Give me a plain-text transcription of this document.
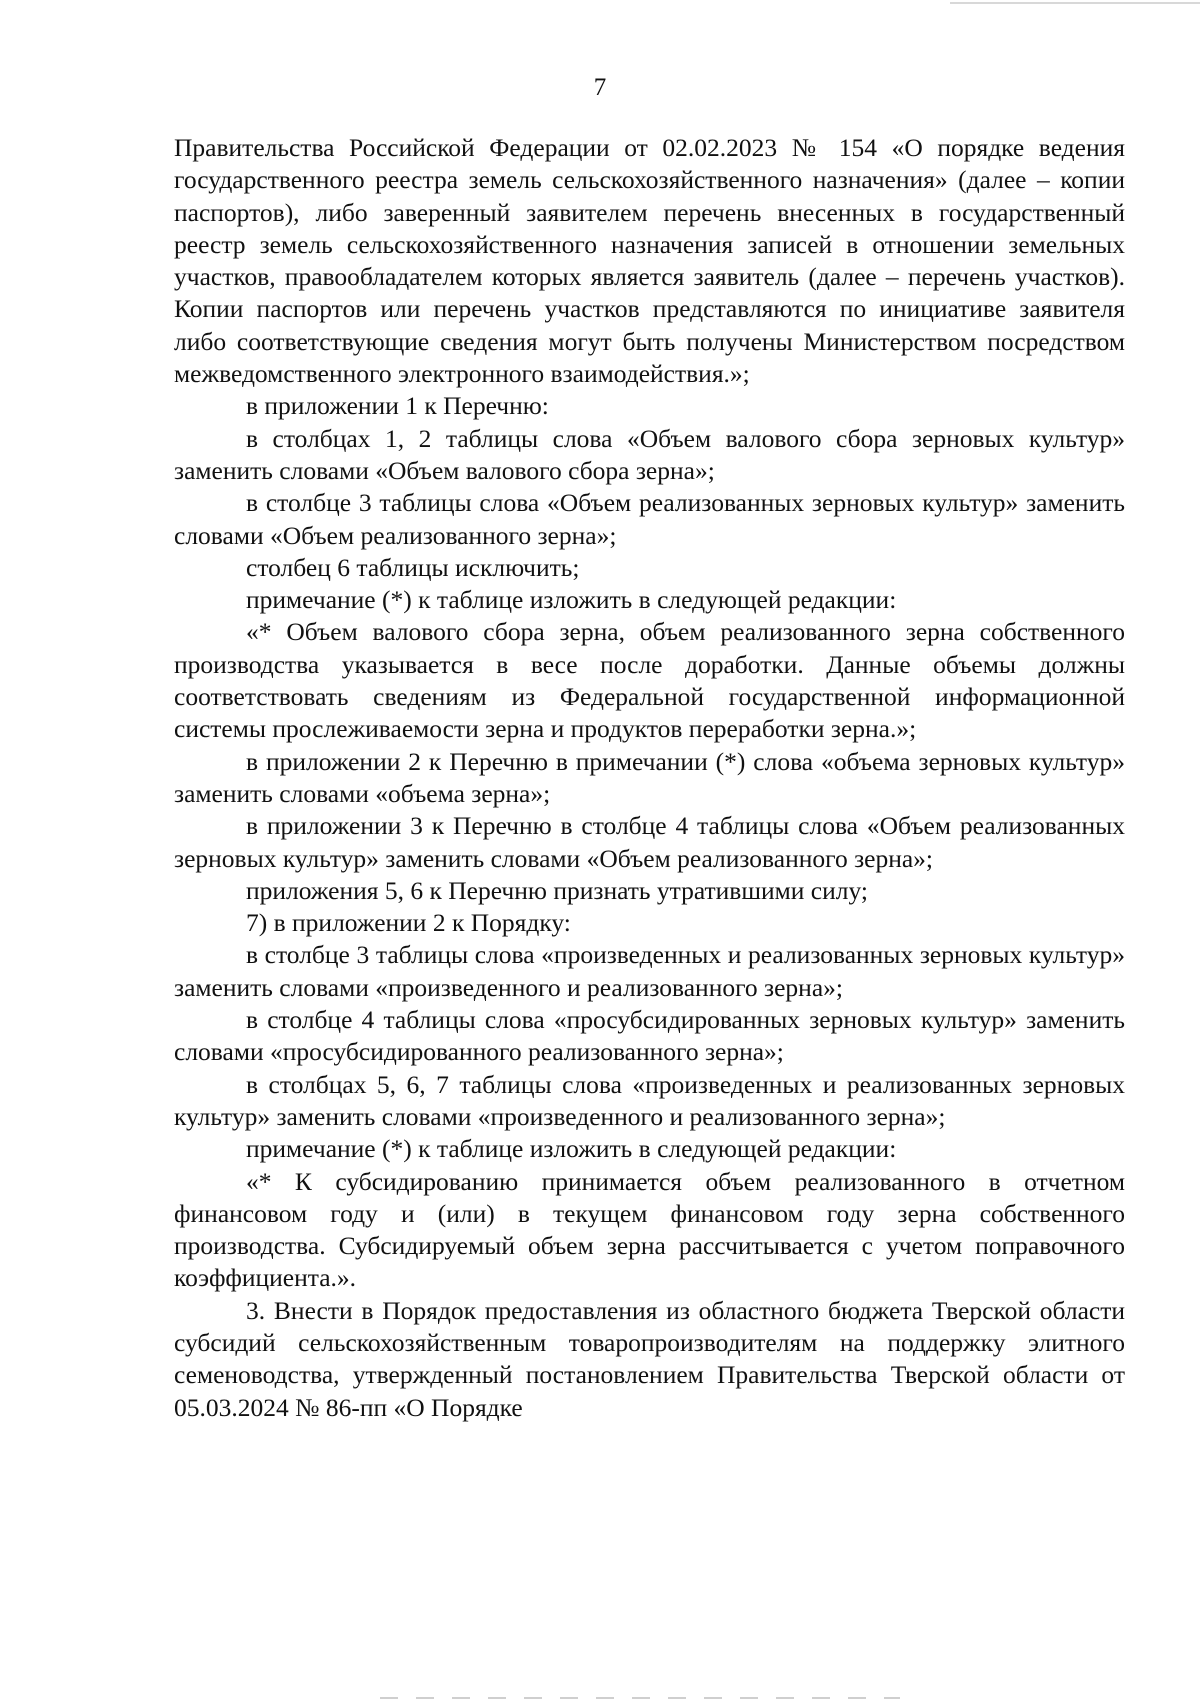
7

Правительства Российской Федерации от 02.02.2023 № 154 «О порядке ведения государственного реестра земель сельскохозяйственного назначения» (далее – копии паспортов), либо заверенный заявителем перечень внесенных в государственный реестр земель сельскохозяйственного назначения записей в отношении земельных участков, правообладателем которых является заявитель (далее – перечень участков). Копии паспортов или перечень участков представляются по инициативе заявителя либо соответствующие сведения могут быть получены Министерством посредством межведомственного электронного взаимодействия.»;

в приложении 1 к Перечню:

в столбцах 1, 2 таблицы слова «Объем валового сбора зерновых культур» заменить словами «Объем валового сбора зерна»;

в столбце 3 таблицы слова «Объем реализованных зерновых культур» заменить словами «Объем реализованного зерна»;

столбец 6 таблицы исключить;

примечание (*) к таблице изложить в следующей редакции:

«* Объем валового сбора зерна, объем реализованного зерна собственного производства указывается в весе после доработки. Данные объемы должны соответствовать сведениям из Федеральной государственной информационной системы прослеживаемости зерна и продуктов переработки зерна.»;

в приложении 2 к Перечню в примечании (*) слова «объема зерновых культур» заменить словами «объема зерна»;

в приложении 3 к Перечню в столбце 4 таблицы слова «Объем реализованных зерновых культур» заменить словами «Объем реализованного зерна»;

приложения 5, 6 к Перечню признать утратившими силу;

7) в приложении 2 к Порядку:

в столбце 3 таблицы слова «произведенных и реализованных зерновых культур» заменить словами «произведенного и реализованного зерна»;

в столбце 4 таблицы слова «просубсидированных зерновых культур» заменить словами «просубсидированного реализованного зерна»;

в столбцах 5, 6, 7 таблицы слова «произведенных и реализованных зерновых культур» заменить словами «произведенного и реализованного зерна»;

примечание (*) к таблице изложить в следующей редакции:

«* К субсидированию принимается объем реализованного в отчетном финансовом году и (или) в текущем финансовом году зерна собственного производства. Субсидируемый объем зерна рассчитывается с учетом поправочного коэффициента.».

3. Внести в Порядок предоставления из областного бюджета Тверской области субсидий сельскохозяйственным товаропроизводителям на поддержку элитного семеноводства, утвержденный постановлением Правительства Тверской области от 05.03.2024 № 86-пп «О Порядке
